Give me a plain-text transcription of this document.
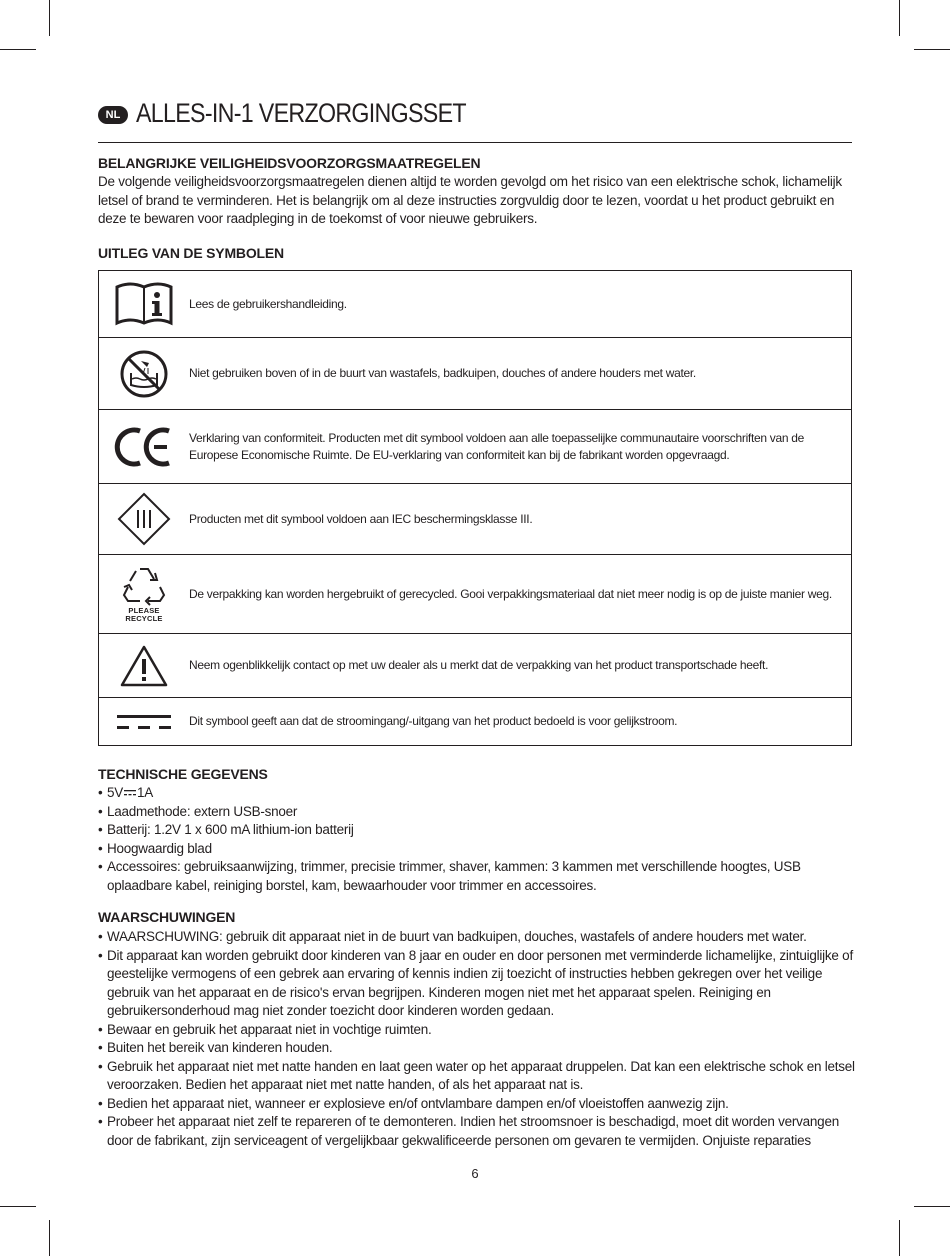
NL ALLES-IN-1 VERZORGINGSSET
BELANGRIJKE VEILIGHEIDSVOORZORGSMAATREGELEN
De volgende veiligheidsvoorzorgsmaatregelen dienen altijd te worden gevolgd om het risico van een elektrische schok, lichamelijk letsel of brand te verminderen. Het is belangrijk om al deze instructies zorgvuldig door te lezen, voordat u het product gebruikt en deze te bewaren voor raadpleging in de toekomst of voor nieuwe gebruikers.
UITLEG VAN DE SYMBOLEN
Lees de gebruikershandleiding.
Niet gebruiken boven of in de buurt van wastafels, badkuipen, douches of andere houders met water.
Verklaring van conformiteit. Producten met dit symbool voldoen aan alle toepasselijke communautaire voorschriften van de Europese Economische Ruimte. De EU-verklaring van conformiteit kan bij de fabrikant worden opgevraagd.
Producten met dit symbool voldoen aan IEC beschermingsklasse III.
PLEASE
RECYCLE
De verpakking kan worden hergebruikt of gerecycled. Gooi verpakkingsmateriaal dat niet meer nodig is op de juiste manier weg.
Neem ogenblikkelijk contact op met uw dealer als u merkt dat de verpakking van het product transportschade heeft.
Dit symbool geeft aan dat de stroomingang/-uitgang van het product bedoeld is voor gelijkstroom.
TECHNISCHE GEGEVENS
• 5V 1A
• Laadmethode: extern USB-snoer
• Batterij: 1.2V 1 x 600 mA lithium-ion batterij
• Hoogwaardig blad
• Accessoires: gebruiksaanwijzing, trimmer, precisie trimmer, shaver, kammen: 3 kammen met verschillende hoogtes, USB oplaadbare kabel, reiniging borstel, kam, bewaarhouder voor trimmer en accessoires.
WAARSCHUWINGEN
• WAARSCHUWING: gebruik dit apparaat niet in de buurt van badkuipen, douches, wastafels of andere houders met water.
• Dit apparaat kan worden gebruikt door kinderen van 8 jaar en ouder en door personen met verminderde lichamelijke, zintuiglijke of geestelijke vermogens of een gebrek aan ervaring of kennis indien zij toezicht of instructies hebben gekregen over het veilige gebruik van het apparaat en de risico's ervan begrijpen. Kinderen mogen niet met het apparaat spelen. Reiniging en gebruikersonderhoud mag niet zonder toezicht door kinderen worden gedaan.
• Bewaar en gebruik het apparaat niet in vochtige ruimten.
• Buiten het bereik van kinderen houden.
• Gebruik het apparaat niet met natte handen en laat geen water op het apparaat druppelen. Dat kan een elektrische schok en letsel veroorzaken. Bedien het apparaat niet met natte handen, of als het apparaat nat is.
• Bedien het apparaat niet, wanneer er explosieve en/of ontvlambare dampen en/of vloeistoffen aanwezig zijn.
• Probeer het apparaat niet zelf te repareren of te demonteren. Indien het stroomsnoer is beschadigd, moet dit worden vervangen door de fabrikant, zijn serviceagent of vergelijkbaar gekwalificeerde personen om gevaren te vermijden. Onjuiste reparaties
6
